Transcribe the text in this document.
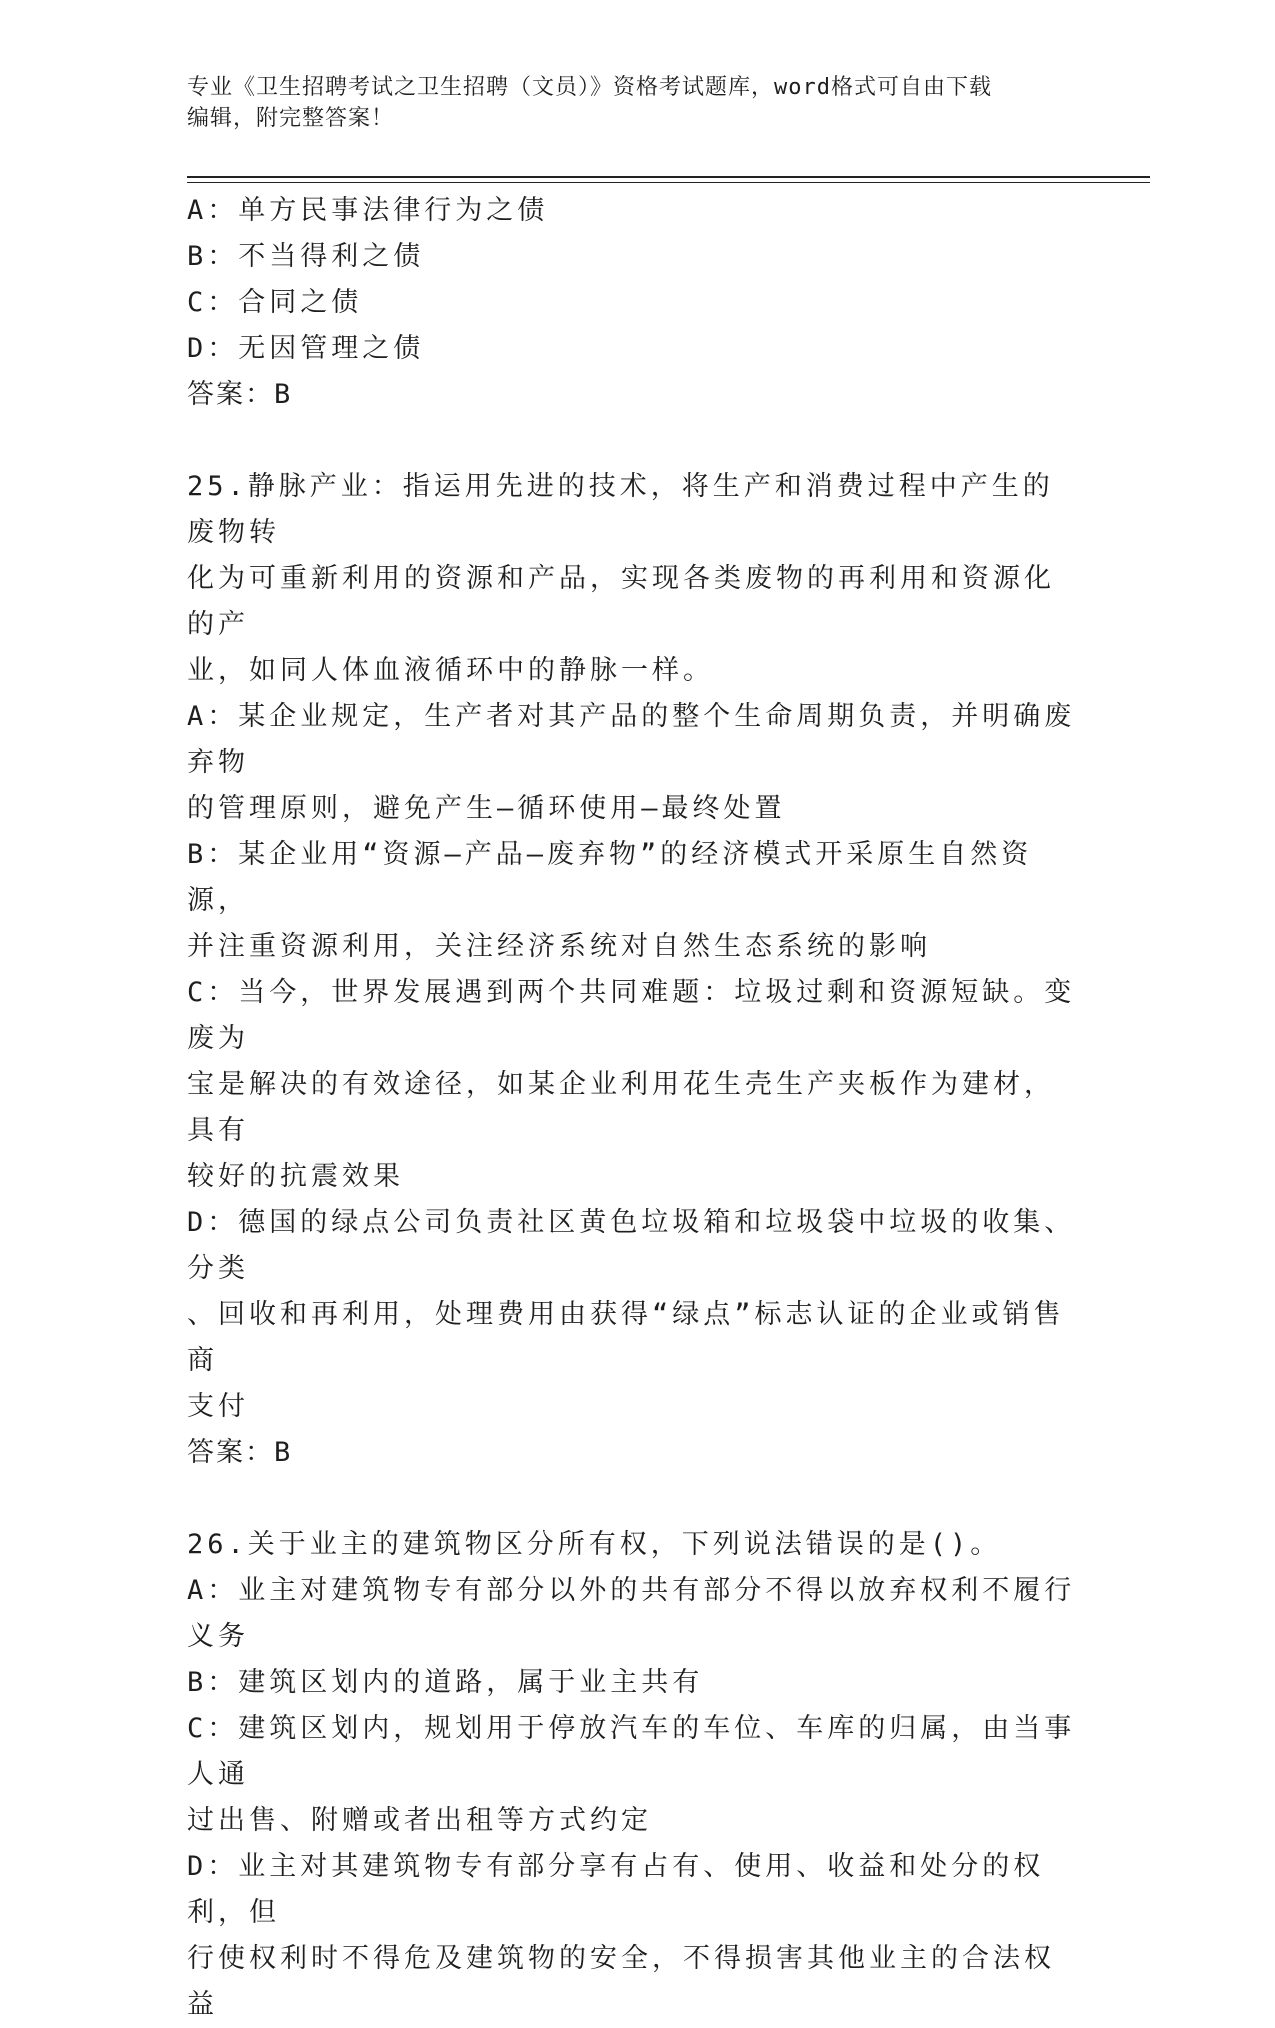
专业《卫生招聘考试之卫生招聘（文员）》资格考试题库，word格式可自由下载
编辑，附完整答案！

A：单方民事法律行为之债

B：不当得利之债

C：合同之债

D：无因管理之债

答案：B

25.静脉产业：指运用先进的技术，将生产和消费过程中产生的废物转

化为可重新利用的资源和产品，实现各类废物的再利用和资源化的产

业，如同人体血液循环中的静脉一样。

A：某企业规定，生产者对其产品的整个生命周期负责，并明确废弃物

的管理原则，避免产生—循环使用—最终处置

B：某企业用“资源—产品—废弃物”的经济模式开采原生自然资源，

并注重资源利用，关注经济系统对自然生态系统的影响

C：当今，世界发展遇到两个共同难题：垃圾过剩和资源短缺。变废为

宝是解决的有效途径，如某企业利用花生壳生产夹板作为建材，具有

较好的抗震效果

D：德国的绿点公司负责社区黄色垃圾箱和垃圾袋中垃圾的收集、分类

、回收和再利用，处理费用由获得“绿点”标志认证的企业或销售商

支付

答案：B

26.关于业主的建筑物区分所有权，下列说法错误的是()。

A：业主对建筑物专有部分以外的共有部分不得以放弃权利不履行义务

B：建筑区划内的道路，属于业主共有

C：建筑区划内，规划用于停放汽车的车位、车库的归属，由当事人通

过出售、附赠或者出租等方式约定

D：业主对其建筑物专有部分享有占有、使用、收益和处分的权利，但

行使权利时不得危及建筑物的安全，不得损害其他业主的合法权益
